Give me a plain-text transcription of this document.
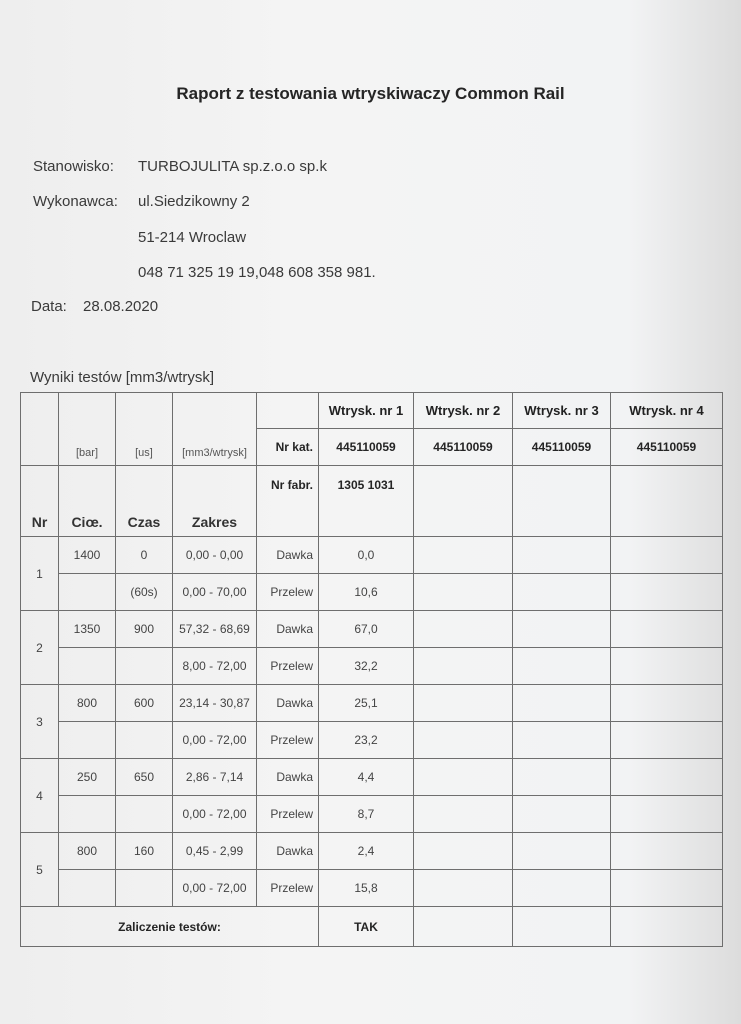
Raport z testowania wtryskiwaczy Common Rail
Stanowisko: TURBOJULITA sp.z.o.o sp.k
Wykonawca: ul.Siedzikowny 2
51-214 Wroclaw
048 71 325 19 19,048 608 358 981.
Data: 28.08.2020
Wyniki testów [mm3/wtrysk]
	[bar]	[us]	[mm3/wtrysk]		Wtrysk. nr 1	Wtrysk. nr 2	Wtrysk. nr 3	Wtrysk. nr 4
				Nr kat.	445110059	445110059	445110059	445110059
Nr	Ciœ.	Czas	Zakres	Nr fabr.	1305 1031			
1	1400	0	0,00 - 0,00	Dawka	0,0			
		(60s)	0,00 - 70,00	Przelew	10,6			
2	1350	900	57,32 - 68,69	Dawka	67,0			
			8,00 - 72,00	Przelew	32,2			
3	800	600	23,14 - 30,87	Dawka	25,1			
			0,00 - 72,00	Przelew	23,2			
4	250	650	2,86 - 7,14	Dawka	4,4			
			0,00 - 72,00	Przelew	8,7			
5	800	160	0,45 - 2,99	Dawka	2,4			
			0,00 - 72,00	Przelew	15,8			
Zaliczenie testów:					TAK			
